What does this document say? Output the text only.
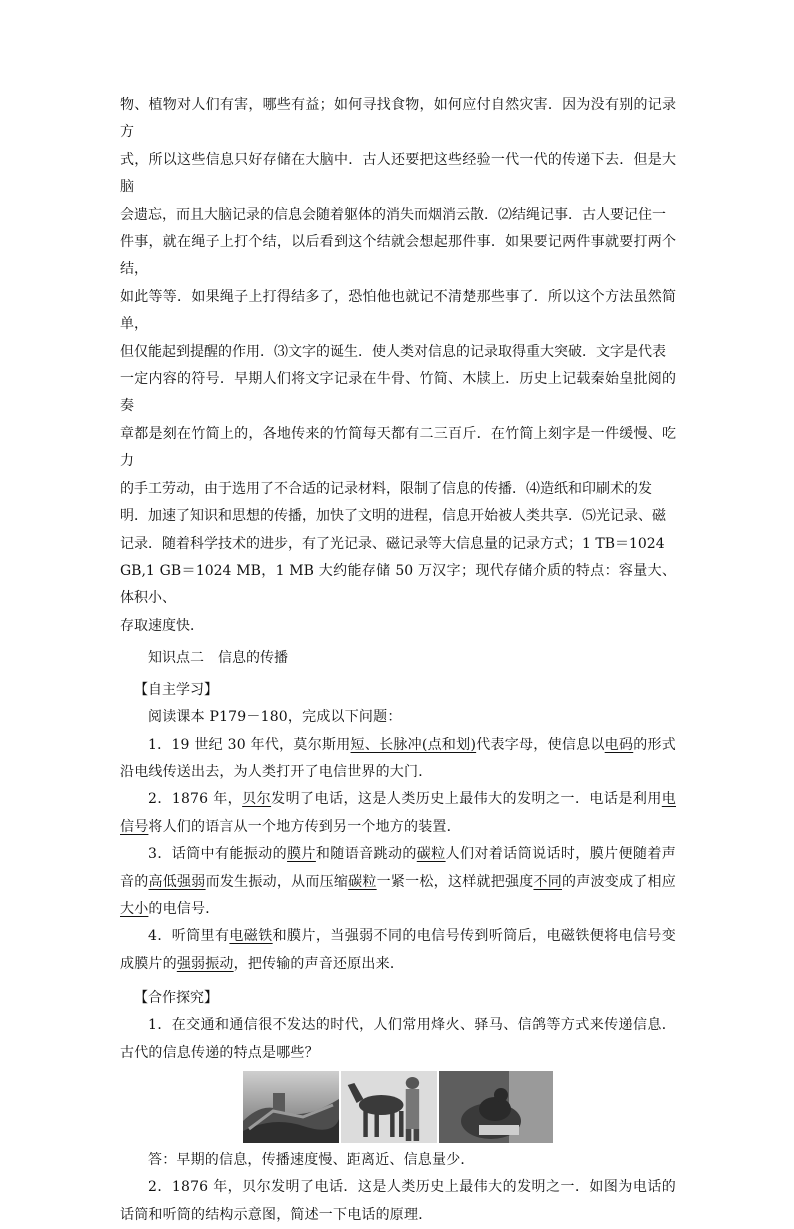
物、植物对人们有害，哪些有益；如何寻找食物，如何应付自然灾害．因为没有别的记录方

式，所以这些信息只好存储在大脑中．古人还要把这些经验一代一代的传递下去．但是大脑

会遗忘，而且大脑记录的信息会随着躯体的消失而烟消云散．⑵结绳记事．古人要记住一

件事，就在绳子上打个结，以后看到这个结就会想起那件事．如果要记两件事就要打两个结，

如此等等．如果绳子上打得结多了，恐怕他也就记不清楚那些事了．所以这个方法虽然简单，

但仅能起到提醒的作用．⑶文字的诞生．使人类对信息的记录取得重大突破．文字是代表

一定内容的符号．早期人们将文字记录在牛骨、竹简、木牍上．历史上记载秦始皇批阅的奏

章都是刻在竹简上的，各地传来的竹简每天都有二三百斤．在竹简上刻字是一件缓慢、吃力

的手工劳动，由于选用了不合适的记录材料，限制了信息的传播．⑷造纸和印刷术的发

明．加速了知识和思想的传播，加快了文明的进程，信息开始被人类共享．⑸光记录、磁

记录．随着科学技术的进步，有了光记录、磁记录等大信息量的记录方式；1 TB＝1024

GB,1 GB＝1024 MB，1 MB 大约能存储 50 万汉字；现代存储介质的特点：容量大、体积小、

存取速度快．

知识点二 信息的传播
【自主学习】

阅读课本 P179－180，完成以下问题：

1．19 世纪 30 年代，莫尔斯用短、长脉冲(点和划)代表字母，使信息以电码的形式沿电线传送出去，为人类打开了电信世界的大门．

2．1876 年，贝尔发明了电话，这是人类历史上最伟大的发明之一．电话是利用电信号将人们的语言从一个地方传到另一个地方的装置．

3．话筒中有能振动的膜片和随语音跳动的碳粒人们对着话筒说话时，膜片便随着声音的高低强弱而发生振动，从而压缩碳粒一紧一松，这样就把强度不同的声波变成了相应大小的电信号．

4．听筒里有电磁铁和膜片，当强弱不同的电信号传到听筒后，电磁铁便将电信号变成膜片的强弱振动，把传输的声音还原出来．

【合作探究】

1．在交通和通信很不发达的时代，人们常用烽火、驿马、信鸽等方式来传递信息．古代的信息传递的特点是哪些？

答：早期的信息，传播速度慢、距离近、信息量少．

2．1876 年，贝尔发明了电话．这是人类历史上最伟大的发明之一．如图为电话的话筒和听筒的结构示意图，简述一下电话的原理．
